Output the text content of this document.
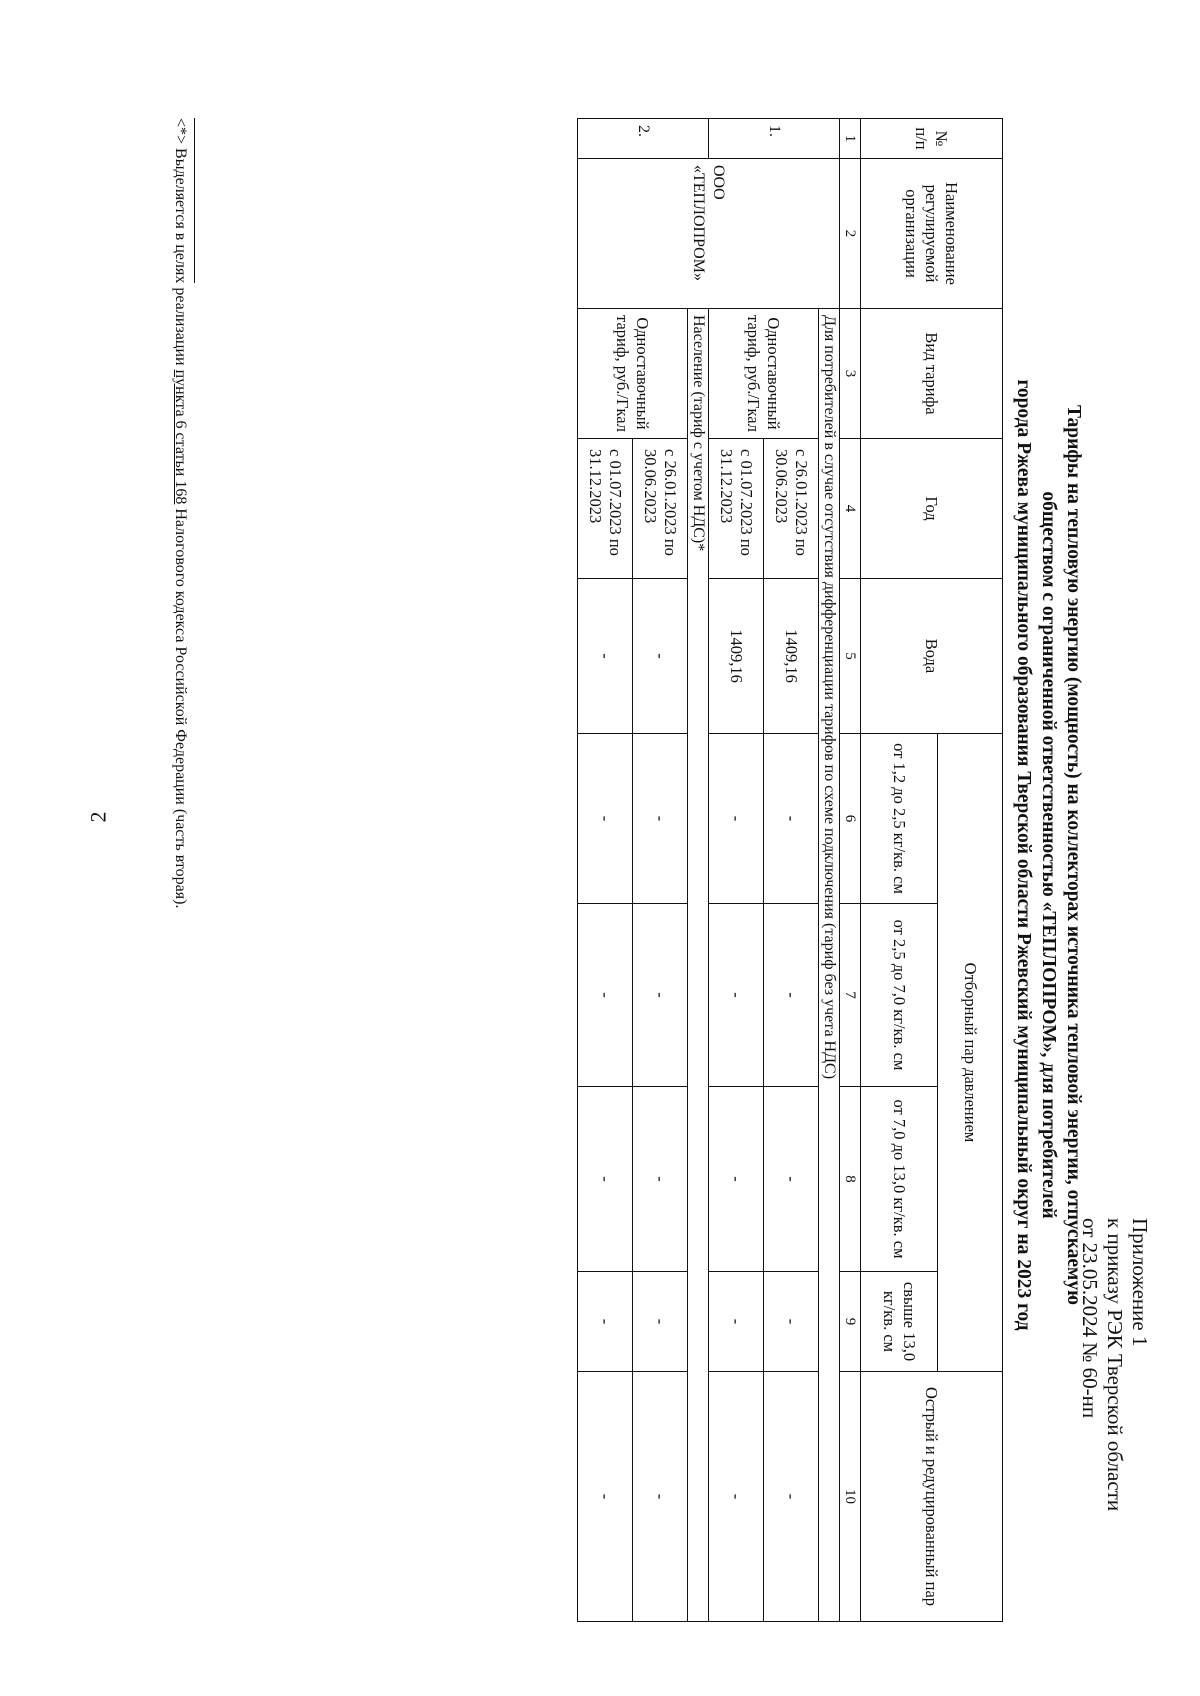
2
Приложение 1
к приказу РЭК Тверской области
от 23.05.2024 № 60-нп
Тарифы на тепловую энергию (мощность) на коллекторах источника тепловой энергии, отпускаемую
обществом с ограниченной ответственностью «ТЕПЛОПРОМ», для потребителей
города Ржева муниципального образования Тверской области Ржевский муниципальный округ на 2023 год
№ п/п	Наименование регулируемой организации	Вид тарифа	Год	Вода	Отборный пар давлением				Острый и редуцированный пар
					от 1,2 до 2,5 кг/кв. см	от 2,5 до 7,0 кг/кв. см	от 7,0 до 13,0 кг/кв. см	свыше 13,0 кг/кв. см	
1	2	3	4	5	6	7	8	9	10
1.	ООО «ТЕПЛОПРОМ»	Для потребителей в случае отсутствия дифференциации тарифов по схеме подключения (тариф без учета НДС)							
		Одноставочный тариф, руб./Гкал	с 26.01.2023 по 30.06.2023	1409,16	-	-	-	-	-
			с 01.07.2023 по 31.12.2023	1409,16	-	-	-	-	-
2.		Население (тариф с учетом НДС)*							
		Одноставочный тариф, руб./Гкал	с 26.01.2023 по 30.06.2023	-	-	-	-	-	-
			с 01.07.2023 по 31.12.2023	-	-	-	-	-	-
<*> Выделяется в целях реализации пункта 6 статьи 168 Налогового кодекса Российской Федерации (часть вторая).
